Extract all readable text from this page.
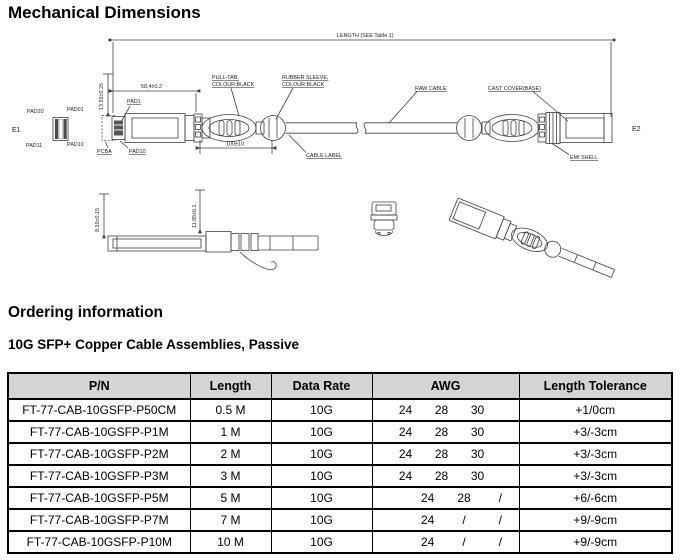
Mechanical Dimensions
LENGTH (SEE Table 1)
13.55±0.25	58,4±0.2
PAD1
PCBA	PAD10
PULL-TAB,
COLOUR:BLACK
RUBBER SLEEVE,
COLOUR:BLACK
RAW CABLE	CAST COVER(BASE)
CABLE LABEL	EMI SHELL
100±10
E1	E2
PAD20	PAD01
PAD11	PAD10
8.55±0.15	11.85±0.1
Ordering information
10G SFP+ Copper Cable Assemblies, Passive
P/N	Length	Data Rate	AWG	Length Tolerance
FT-77-CAB-10GSFP-P50CM	0.5 M	10G	24 28 30	+1/0cm
FT-77-CAB-10GSFP-P1M	1 M	10G	24 28 30	+3/-3cm
FT-77-CAB-10GSFP-P2M	2 M	10G	24 28 30	+3/-3cm
FT-77-CAB-10GSFP-P3M	3 M	10G	24 28 30	+3/-3cm
FT-77-CAB-10GSFP-P5M	5 M	10G	24 28 /	+6/-6cm
FT-77-CAB-10GSFP-P7M	7 M	10G	24 / /	+9/-9cm
FT-77-CAB-10GSFP-P10M	10 M	10G	24 / /	+9/-9cm
